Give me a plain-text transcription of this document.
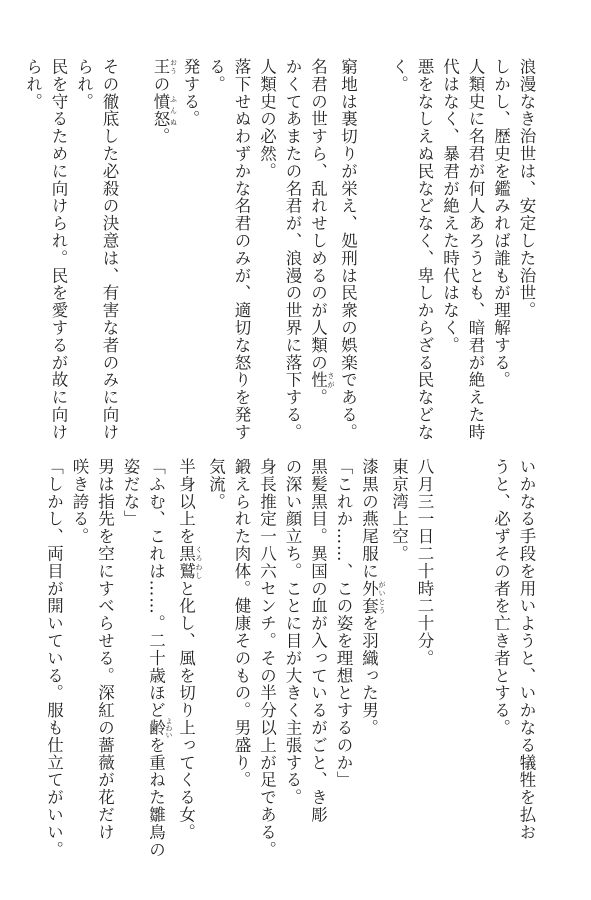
浪漫なき治世は、安定した治世。
しかし、歴史を鑑みれば誰もが理解する。
人類史に名君が何人あろうとも、暗君が絶えた時
代はなく、暴君が絶えた時代はなく。
悪をなしえぬ民などなく、卑しからざる民などな
く。
窮地は裏切りが栄え、処刑は民衆の娯楽である。
名君の世すら、乱れせしめるのが人類の性 さが。
かくてあまたの名君が、浪漫の世界に落下する。
人類史の必然。
落下せぬわずかな名君のみが、適切な怒りを発す
る。
発する。
王 おうの憤怒 ふんぬ。
その徹底した必殺の決意は、有害な者のみに向け
られ。
民を守るために向けられ。民を愛するが故に向け
られ。
いかなる手段を用いようと、いかなる犠牲を払お
うと、必ずその者を亡き者とする。
八月三一日二十時二十分。
東京湾上空。
漆黒の燕尾服に外套 がいとうを羽織った男。
「これか……、この姿を理想とするのか」
黒髪黒目。異国の血が入っているがごと、き彫
の深い顔立ち。ことに目が大きく主張する。
身長推定一八六センチ。その半分以上が足である。
鍛えられた肉体。健康そのもの。男盛り。
気流。
半身以上を黒鷲 くろわしと化し、風を切り上ってくる女。
「ふむ、これは……。二十歳ほど齢 よわいを重ねた雛鳥の
姿だな」
男は指先を空にすべらせる。深紅の薔薇が花だけ
咲き誇る。
「しかし、両目が開いている。服も仕立てがいい。
